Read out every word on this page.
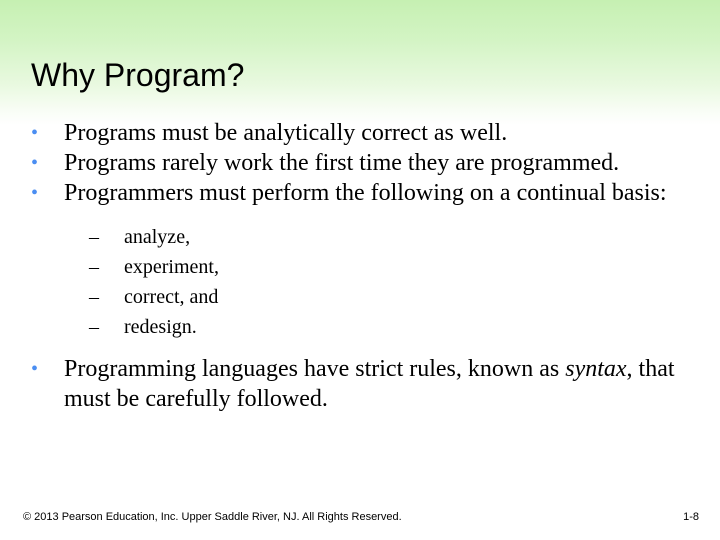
Why Program?
• Programs must be analytically correct as well.
• Programs rarely work the first time they are programmed.
• Programmers must perform the following on a continual basis:
– analyze,
– experiment,
– correct, and
– redesign.
• Programming languages have strict rules, known as syntax, that must be carefully followed.
© 2013 Pearson Education, Inc. Upper Saddle River, NJ. All Rights Reserved.	1-8
